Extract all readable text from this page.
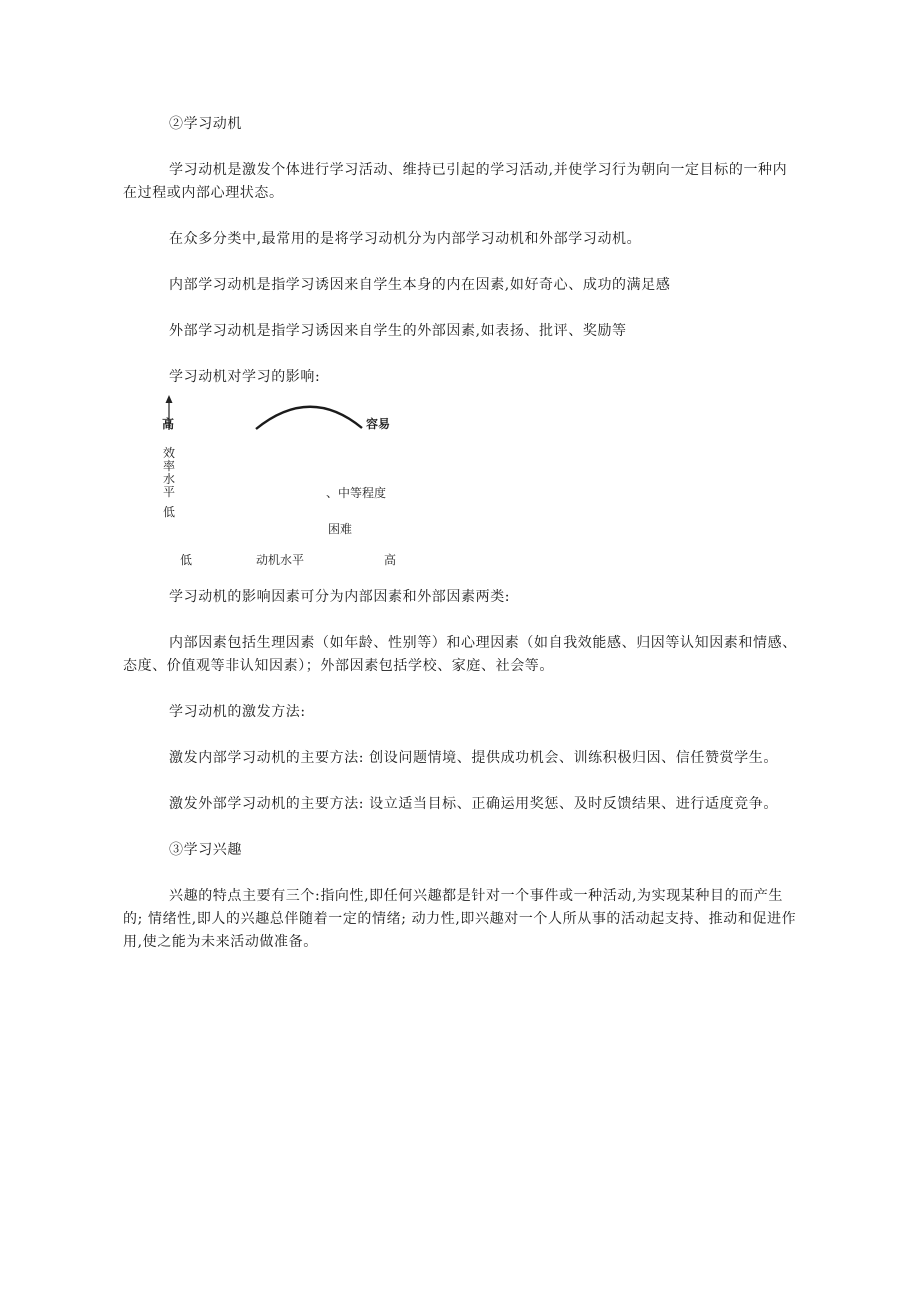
②学习动机

学习动机是激发个体进行学习活动、维持已引起的学习活动,并使学习行为朝向一定目标的一种内在过程或内部心理状态。

在众多分类中,最常用的是将学习动机分为内部学习动机和外部学习动机。

内部学习动机是指学习诱因来自学生本身的内在因素,如好奇心、成功的满足感

外部学习动机是指学习诱因来自学生的外部因素,如表扬、批评、奖励等

学习动机对学习的影响:

高	容易
效
率
水
平
低
、中等程度
困难
低	动机水平	高

学习动机的影响因素可分为内部因素和外部因素两类:

内部因素包括生理因素（如年龄、性别等）和心理因素（如自我效能感、归因等认知因素和情感、态度、价值观等非认知因素）；外部因素包括学校、家庭、社会等。

学习动机的激发方法:

激发内部学习动机的主要方法: 创设问题情境、提供成功机会、训练积极归因、信任赞赏学生。

激发外部学习动机的主要方法: 设立适当目标、正确运用奖惩、及时反馈结果、进行适度竞争。

③学习兴趣

兴趣的特点主要有三个:指向性,即任何兴趣都是针对一个事件或一种活动,为实现某种目的而产生的; 情绪性,即人的兴趣总伴随着一定的情绪; 动力性,即兴趣对一个人所从事的活动起支持、推动和促进作用,使之能为未来活动做准备。
